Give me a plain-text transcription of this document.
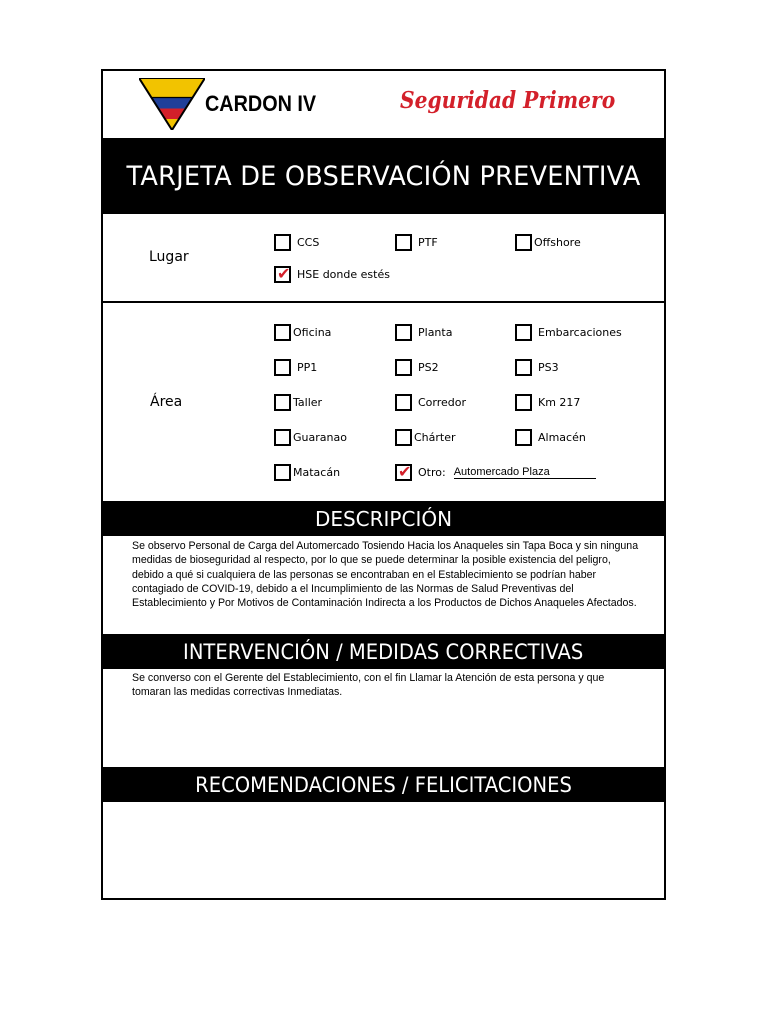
CARDON IV	Seguridad Primero
TARJETA DE OBSERVACIÓN PREVENTIVA
Lugar
CCS	PTF	Offshore
✔ HSE donde estés
Área
Oficina	Planta	Embarcaciones
PP1	PS2	PS3
Taller	Corredor	Km 217
Guaranao	Chárter	Almacén
Matacán	✔ Otro: Automercado Plaza
DESCRIPCIÓN
Se observo Personal de Carga del Automercado Tosiendo Hacia los Anaqueles sin Tapa Boca y sin ninguna medidas de bioseguridad al respecto, por lo que se puede determinar la posible existencia del peligro, debido a qué si cualquiera de las personas se encontraban en el Establecimiento se podrían haber contagiado de COVID-19, debido a el Incumplimiento de las Normas de Salud Preventivas del Establecimiento y Por Motivos de Contaminación Indirecta a los Productos de Dichos Anaqueles Afectados.
INTERVENCIÓN / MEDIDAS CORRECTIVAS
Se converso con el Gerente del Establecimiento, con el fin Llamar la Atención de esta persona y que tomaran las medidas correctivas Inmediatas.
RECOMENDACIONES / FELICITACIONES
